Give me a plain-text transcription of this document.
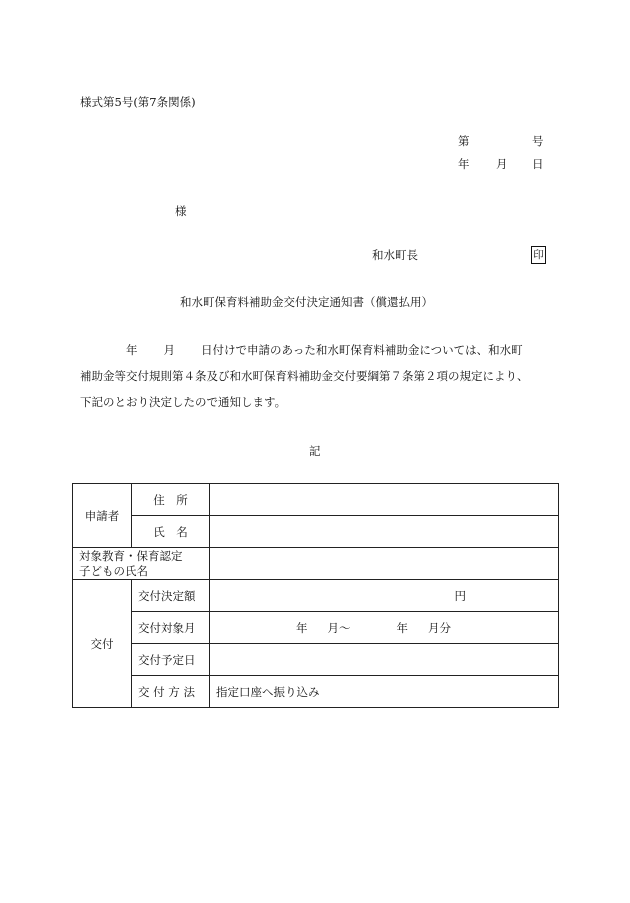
様式第5号(第7条関係)
第	号
年 月 日
様
和水町長	印
和水町保育料補助金交付決定通知書（償還払用）
年 月 日付けで申請のあった和水町保育料補助金については、和水町
補助金等交付規則第４条及び和水町保育料補助金交付要綱第７条第２項の規定により、
下記のとおり決定したので通知します。
記
申請者	住　所	
	氏　名	

対象教育・保育認定
子どもの氏名		

交付	交付決定額	円

	交付対象月	年 月〜 年 月分

	交付予定日	
	交 付 方 法	指定口座へ振り込み
